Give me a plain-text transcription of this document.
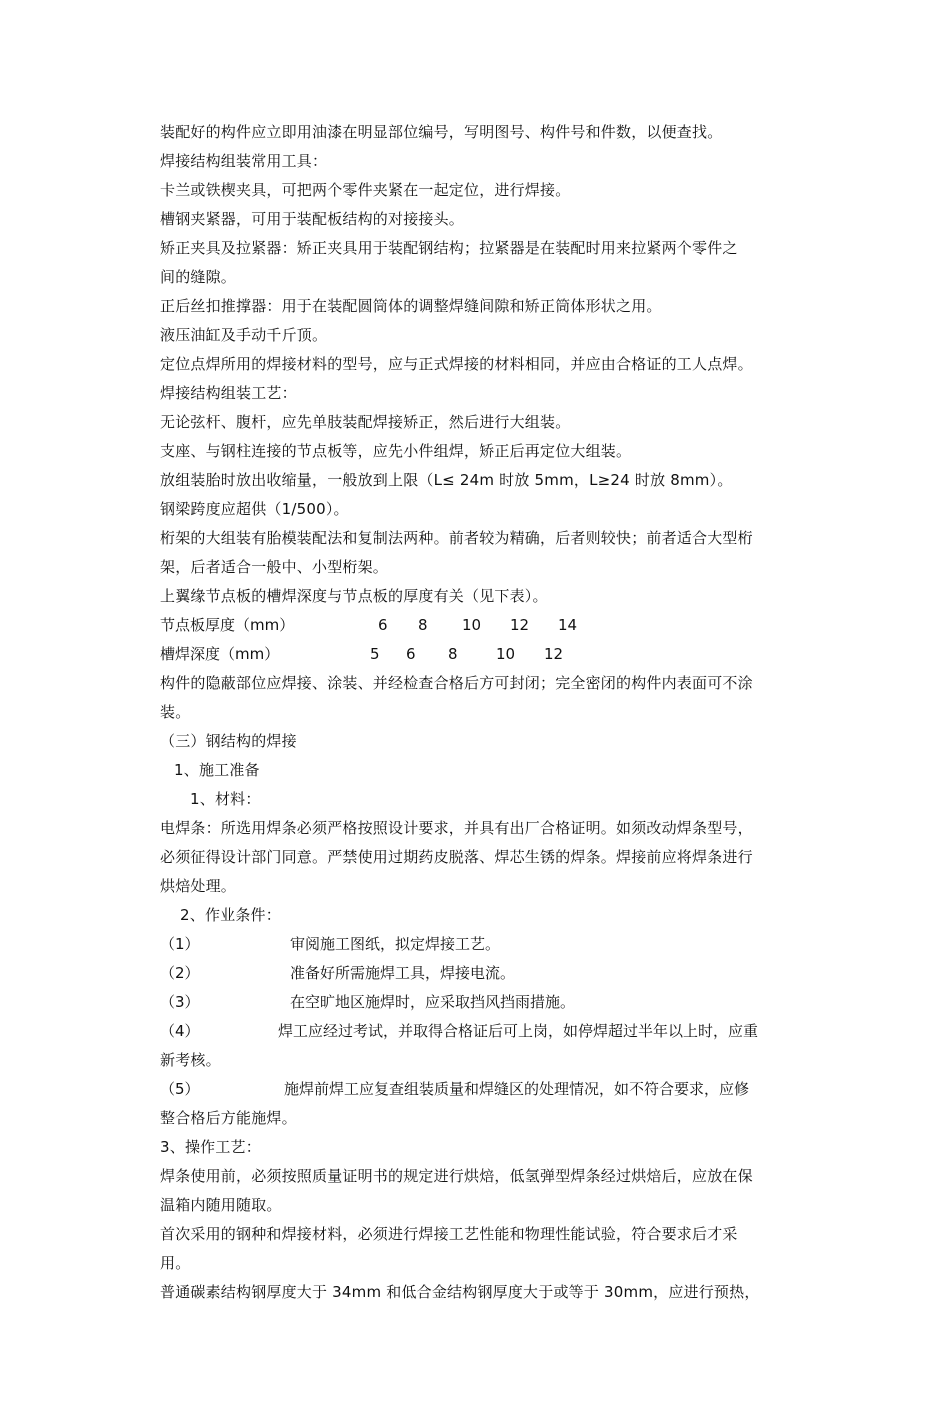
装配好的构件应立即用油漆在明显部位编号，写明图号、构件号和件数，以便查找。
焊接结构组装常用工具：
卡兰或铁楔夹具，可把两个零件夹紧在一起定位，进行焊接。
槽钢夹紧器，可用于装配板结构的对接接头。
矫正夹具及拉紧器：矫正夹具用于装配钢结构；拉紧器是在装配时用来拉紧两个零件之
间的缝隙。
正后丝扣推撑器：用于在装配圆筒体的调整焊缝间隙和矫正筒体形状之用。
液压油缸及手动千斤顶。
定位点焊所用的焊接材料的型号，应与正式焊接的材料相同，并应由合格证的工人点焊。
焊接结构组装工艺：
无论弦杆、腹杆，应先单肢装配焊接矫正，然后进行大组装。
支座、与钢柱连接的节点板等，应先小件组焊，矫正后再定位大组装。
放组装胎时放出收缩量，一般放到上限（L≤ 24m 时放 5mm，L≥24 时放 8mm）。
钢梁跨度应超供（1/500）。
桁架的大组装有胎模装配法和复制法两种。前者较为精确，后者则较快；前者适合大型桁
架，后者适合一般中、小型桁架。
上翼缘节点板的槽焊深度与节点板的厚度有关（见下表）。
节点板厚度（mm）	6	8	10	12	14
槽焊深度（mm）	5	6	8	10	12
构件的隐蔽部位应焊接、涂装、并经检查合格后方可封闭；完全密闭的构件内表面可不涂
装。
（三）钢结构的焊接
1、施工准备
1、材料：
电焊条：所选用焊条必须严格按照设计要求，并具有出厂合格证明。如须改动焊条型号，
必须征得设计部门同意。严禁使用过期药皮脱落、焊芯生锈的焊条。焊接前应将焊条进行
烘焙处理。
2、作业条件：
（1）	审阅施工图纸，拟定焊接工艺。
（2）	准备好所需施焊工具，焊接电流。
（3）	在空旷地区施焊时，应采取挡风挡雨措施。
（4）	焊工应经过考试，并取得合格证后可上岗，如停焊超过半年以上时，应重
新考核。
（5）	施焊前焊工应复查组装质量和焊缝区的处理情况，如不符合要求，应修
整合格后方能施焊。
3、操作工艺：
焊条使用前，必须按照质量证明书的规定进行烘焙，低氢弹型焊条经过烘焙后，应放在保
温箱内随用随取。
首次采用的钢种和焊接材料，必须进行焊接工艺性能和物理性能试验，符合要求后才采
用。
普通碳素结构钢厚度大于 34mm 和低合金结构钢厚度大于或等于 30mm，应进行预热，
